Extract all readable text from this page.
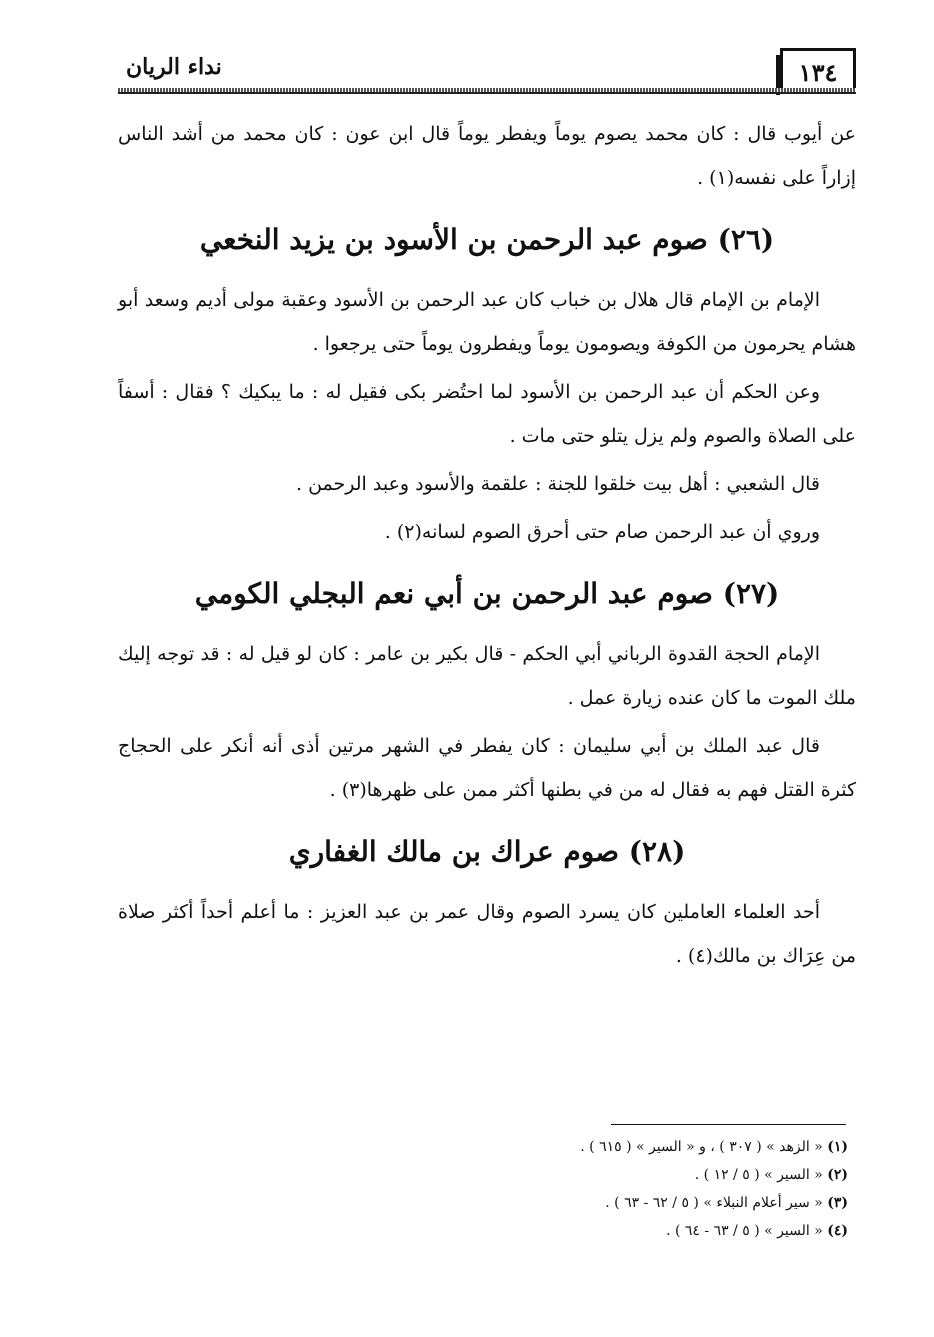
١٣٤
نداء الريان

عن أيوب قال : كان محمد يصوم يوماً ويفطر يوماً قال ابن عون : كان محمد من أشد الناس إزاراً على نفسه(١) .

(٢٦) صوم عبد الرحمن بن الأسود بن يزيد النخعي

الإمام بن الإمام قال هلال بن خباب كان عبد الرحمن بن الأسود وعقبة مولى أديم وسعد أبو هشام يحرمون من الكوفة ويصومون يوماً ويفطرون يوماً حتى يرجعوا .

وعن الحكم أن عبد الرحمن بن الأسود لما احتُضر بكى فقيل له : ما يبكيك ؟ فقال : أسفاً على الصلاة والصوم ولم يزل يتلو حتى مات .

قال الشعبي : أهل بيت خلقوا للجنة : علقمة والأسود وعبد الرحمن .

وروي أن عبد الرحمن صام حتى أحرق الصوم لسانه(٢) .

(٢٧) صوم عبد الرحمن بن أبي نعم البجلي الكومي

الإمام الحجة القدوة الرباني أبي الحكم - قال بكير بن عامر : كان لو قيل له : قد توجه إليك ملك الموت ما كان عنده زيارة عمل .

قال عبد الملك بن أبي سليمان : كان يفطر في الشهر مرتين أذى أنه أنكر على الحجاج كثرة القتل فهم به فقال له من في بطنها أكثر ممن على ظهرها(٣) .

(٢٨) صوم عراك بن مالك الغفاري

أحد العلماء العاملين كان يسرد الصوم وقال عمر بن عبد العزيز : ما أعلم أحداً أكثر صلاة من عِرَاك بن مالك(٤) .

(١) « الزهد » ( ٣٠٧ ) ، و « السير » ( ٦١٥ ) .

(٢) « السير » ( ٥ / ١٢ ) .

(٣) « سير أعلام النبلاء » ( ٥ / ٦٢ - ٦٣ ) .

(٤) « السير » ( ٥ / ٦٣ - ٦٤ ) .
